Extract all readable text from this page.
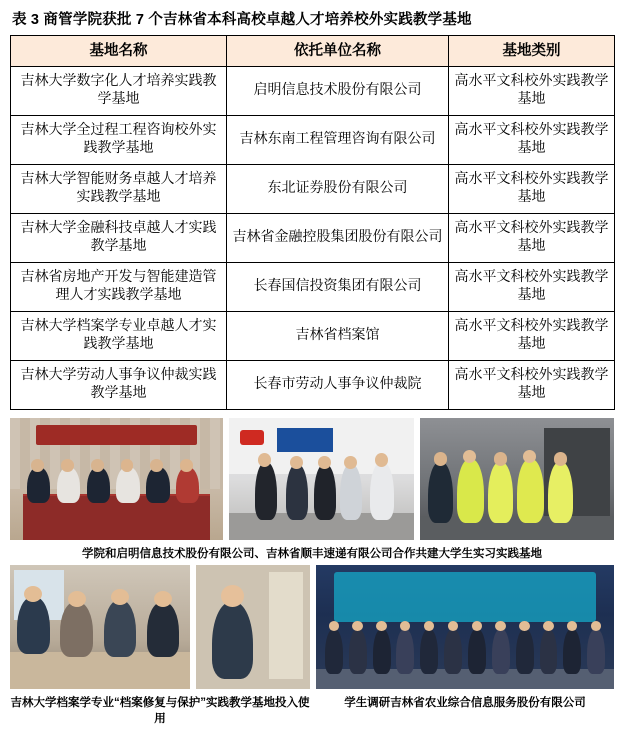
表 3 商管学院获批 7 个吉林省本科高校卓越人才培养校外实践教学基地
基地名称	依托单位名称	基地类别
吉林大学数字化人才培养实践教学基地	启明信息技术股份有限公司	高水平文科校外实践教学基地
吉林大学全过程工程咨询校外实践教学基地	吉林东南工程管理咨询有限公司	高水平文科校外实践教学基地
吉林大学智能财务卓越人才培养实践教学基地	东北证券股份有限公司	高水平文科校外实践教学基地
吉林大学金融科技卓越人才实践教学基地	吉林省金融控股集团股份有限公司	高水平文科校外实践教学基地
吉林省房地产开发与智能建造管理人才实践教学基地	长春国信投资集团有限公司	高水平文科校外实践教学基地
吉林大学档案学专业卓越人才实践教学基地	吉林省档案馆	高水平文科校外实践教学基地
吉林大学劳动人事争议仲裁实践教学基地	长春市劳动人事争议仲裁院	高水平文科校外实践教学基地
学院和启明信息技术股份有限公司、吉林省顺丰速递有限公司合作共建大学生实习实践基地
吉林大学档案学专业“档案修复与保护”实践教学基地投入使用
学生调研吉林省农业综合信息服务股份有限公司
